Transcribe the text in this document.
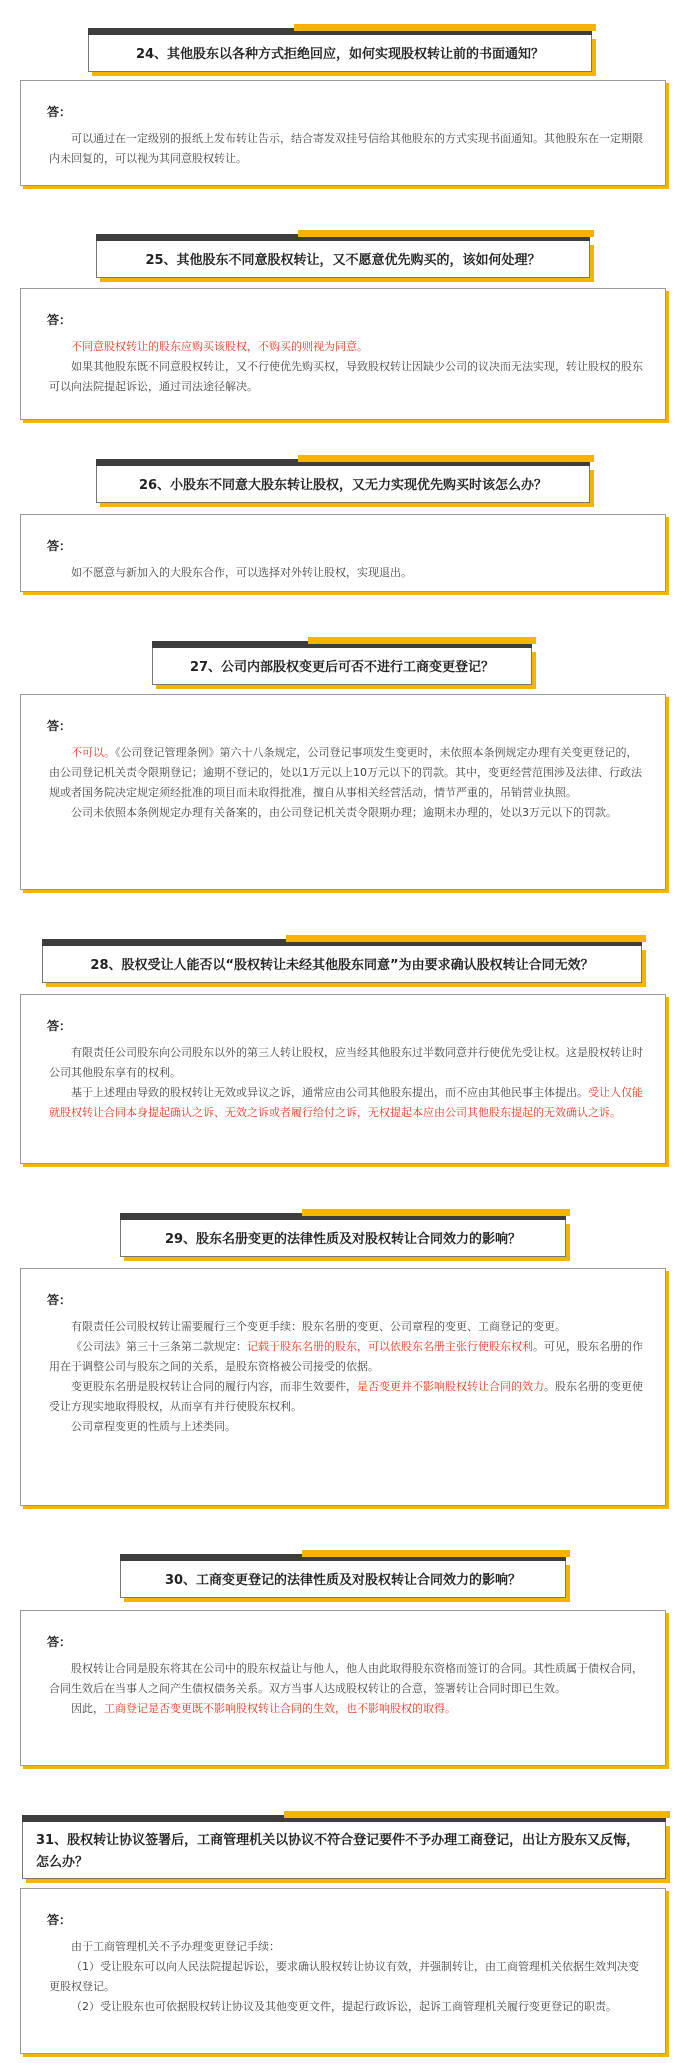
24、其他股东以各种方式拒绝回应，如何实现股权转让前的书面通知？
答：

可以通过在一定级别的报纸上发布转让告示，结合寄发双挂号信给其他股东的方式实现书面通知。其他股东在一定期限内未回复的，可以视为其同意股权转让。

25、其他股东不同意股权转让，又不愿意优先购买的，该如何处理？
答：

不同意股权转让的股东应购买该股权，不购买的则视为同意。

如果其他股东既不同意股权转让，又不行使优先购买权，导致股权转让因缺少公司的议决而无法实现，转让股权的股东可以向法院提起诉讼，通过司法途径解决。

26、小股东不同意大股东转让股权，又无力实现优先购买时该怎么办？
答：

如不愿意与新加入的大股东合作，可以选择对外转让股权，实现退出。

27、公司内部股权变更后可否不进行工商变更登记？
答：

不可以。《公司登记管理条例》第六十八条规定，公司登记事项发生变更时，未依照本条例规定办理有关变更登记的，由公司登记机关责令限期登记；逾期不登记的，处以1万元以上10万元以下的罚款。其中，变更经营范围涉及法律、行政法规或者国务院决定规定须经批准的项目而未取得批准，擅自从事相关经营活动，情节严重的，吊销营业执照。

公司未依照本条例规定办理有关备案的，由公司登记机关责令限期办理；逾期未办理的，处以3万元以下的罚款。

28、股权受让人能否以“股权转让未经其他股东同意”为由要求确认股权转让合同无效？
答：

有限责任公司股东向公司股东以外的第三人转让股权，应当经其他股东过半数同意并行使优先受让权。这是股权转让时公司其他股东享有的权利。

基于上述理由导致的股权转让无效或异议之诉，通常应由公司其他股东提出，而不应由其他民事主体提出。受让人仅能就股权转让合同本身提起确认之诉、无效之诉或者履行给付之诉，无权提起本应由公司其他股东提起的无效确认之诉。

29、股东名册变更的法律性质及对股权转让合同效力的影响？
答：

有限责任公司股权转让需要履行三个变更手续：股东名册的变更、公司章程的变更、工商登记的变更。

《公司法》第三十三条第二款规定：记载于股东名册的股东，可以依股东名册主张行使股东权利。可见，股东名册的作用在于调整公司与股东之间的关系，是股东资格被公司接受的依据。

变更股东名册是股权转让合同的履行内容，而非生效要件，是否变更并不影响股权转让合同的效力。股东名册的变更使受让方现实地取得股权，从而享有并行使股东权利。

公司章程变更的性质与上述类同。

30、工商变更登记的法律性质及对股权转让合同效力的影响？
答：

股权转让合同是股东将其在公司中的股东权益让与他人，他人由此取得股东资格而签订的合同。其性质属于债权合同，合同生效后在当事人之间产生债权债务关系。双方当事人达成股权转让的合意，签署转让合同时即已生效。

因此，工商登记是否变更既不影响股权转让合同的生效，也不影响股权的取得。

31、股权转让协议签署后，工商管理机关以协议不符合登记要件不予办理工商登记，出让方股东又反悔，怎么办？
答：

由于工商管理机关不予办理变更登记手续：

（1）受让股东可以向人民法院提起诉讼，要求确认股权转让协议有效，并强制转让，由工商管理机关依据生效判决变更股权登记。

（2）受让股东也可依据股权转让协议及其他变更文件，提起行政诉讼，起诉工商管理机关履行变更登记的职责。
